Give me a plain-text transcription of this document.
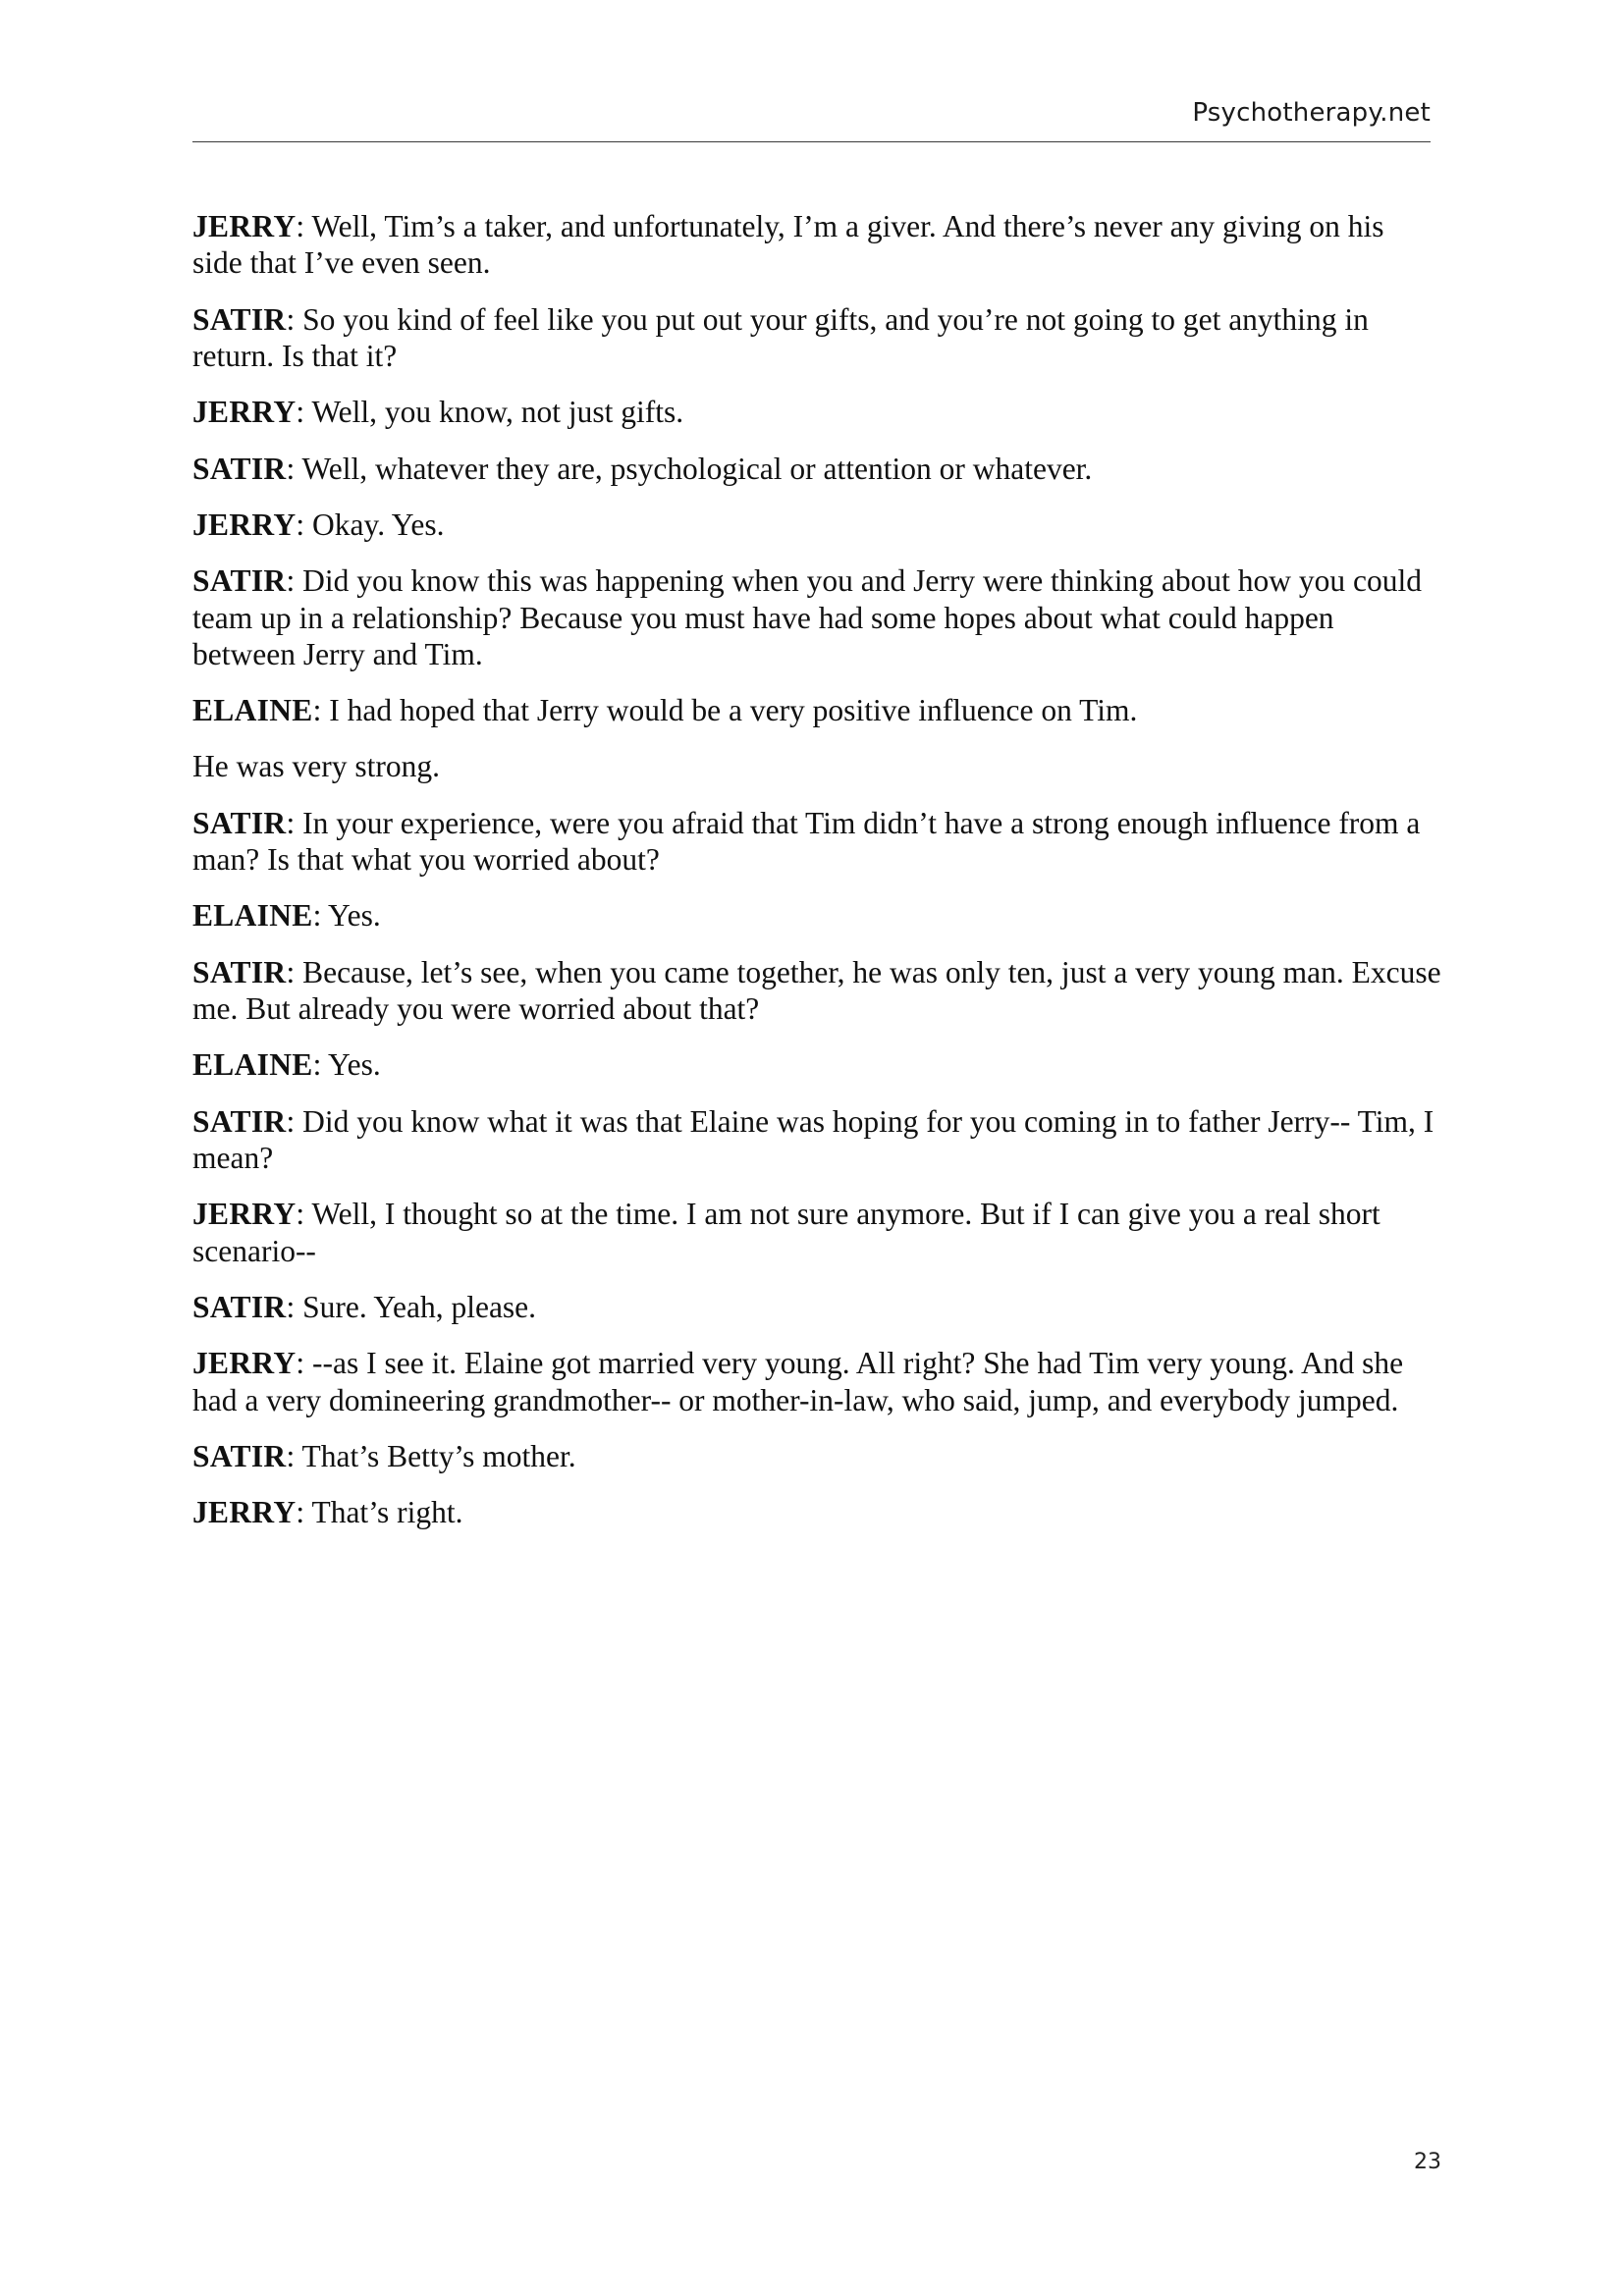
Psychotherapy.net

JERRY: Well, Tim’s a taker, and unfortunately, I’m a giver. And there’s never any giving on his side that I’ve even seen.

SATIR: So you kind of feel like you put out your gifts, and you’re not going to get anything in return. Is that it?

JERRY: Well, you know, not just gifts.

SATIR: Well, whatever they are, psychological or attention or whatever.

JERRY: Okay. Yes.

SATIR: Did you know this was happening when you and Jerry were thinking about how you could team up in a relationship? Because you must have had some hopes about what could happen between Jerry and Tim.

ELAINE: I had hoped that Jerry would be a very positive influence on Tim.

He was very strong.

SATIR: In your experience, were you afraid that Tim didn’t have a strong enough influence from a man? Is that what you worried about?

ELAINE: Yes.

SATIR: Because, let’s see, when you came together, he was only ten, just a very young man. Excuse me. But already you were worried about that?

ELAINE: Yes.

SATIR: Did you know what it was that Elaine was hoping for you coming in to father Jerry-- Tim, I mean?

JERRY: Well, I thought so at the time. I am not sure anymore. But if I can give you a real short scenario--

SATIR: Sure. Yeah, please.

JERRY: --as I see it. Elaine got married very young. All right? She had Tim very young. And she had a very domineering grandmother-- or mother-in-law, who said, jump, and everybody jumped.

SATIR: That’s Betty’s mother.

JERRY: That’s right.

23
